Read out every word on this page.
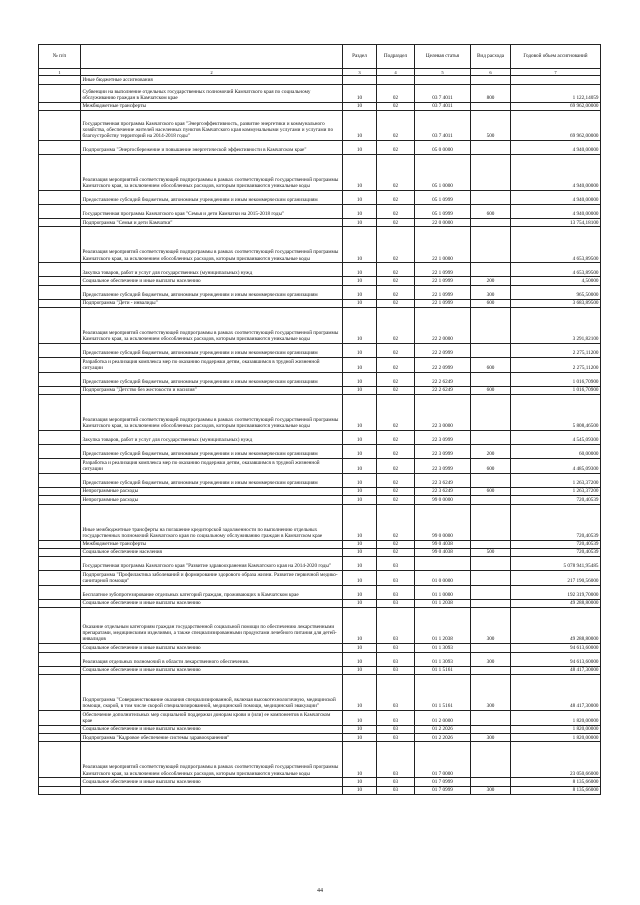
№ п/п		Раздел	Подраздел	Целевая статья	Вид расхода	Годовой объем ассигнований
1	2	3	4	5	6	7
	Иные бюджетные ассигнования					
	Субвенции на выполнение отдельных государственных полномочий Камчатского края по социальному обслуживанию граждан в Камчатском крае	10	02	03 7 4011	800	1 122,14059
	Межбюджетные трансферты	10	02	03 7 4011		69 962,00000
	Государственная программа Камчатского края "Энергоэффективность, развитие энергетики и коммунального хозяйства, обеспечение жителей населенных пунктов Камчатского края коммунальными услугами и услугами по благоустройству территорий на 2014-2018 годы"	10	02	03 7 4011	500	69 962,00000
	Подпрограмма "Энергосбережение и повышение энергетической эффективности в Камчатском крае"	10	02	05 0 0000		4 940,00000
	Реализация мероприятий соответствующей подпрограммы в рамках соответствующей государственной программы Камчатского края, за исключением обособленных расходов, которым присваиваются уникальные коды	10	02	05 1 0000		4 940,00000
	Предоставление субсидий бюджетным, автономным учреждениям и иным некоммерческим организациям	10	02	05 1 0999		4 940,00000
	Государственная программа Камчатского края "Семья и дети Камчатки на 2015-2018 годы"	10	02	05 1 0999	600	4 940,00000
	Подпрограмма "Семья и дети Камчатки"	10	02	22 0 0000		13 754,18100
	Реализация мероприятий соответствующей подпрограммы в рамках соответствующей государственной программы Камчатского края, за исключением обособленных расходов, которым присваиваются уникальные коды	10	02	22 1 0000		4 653,89500
	Закупка товаров, работ и услуг для государственных (муниципальных) нужд	10	02	22 1 0999		4 653,89500
	Социальное обеспечение и иные выплаты населению	10	02	22 1 0999	200	4,50000
	Предоставление субсидий бюджетным, автономным учреждениям и иным некоммерческим организациям	10	02	22 1 0999	300	965,50000
	Подпрограмма "Дети - инвалиды"	10	02	22 1 0999	600	3 683,89500
	Реализация мероприятий соответствующей подпрограммы в рамках соответствующей государственной программы Камчатского края, за исключением обособленных расходов, которым присваиваются уникальные коды	10	02	22 2 0000		3 291,82100
	Предоставление субсидий бюджетным, автономным учреждениям и иным некоммерческим организациям	10	02	22 2 0999		2 275,11200
	Разработка и реализация комплекса мер по оказанию поддержки детям, оказавшимся в трудной жизненной ситуации	10	02	22 2 0999	600	2 275,11200
	Предоставление субсидий бюджетным, автономным учреждениям и иным некоммерческим организациям	10	02	22 2 6249		1 016,70900
	Подпрограмма "Детство без жестокости и насилия"	10	02	22 2 6249	600	1 016,70900
	Реализация мероприятий соответствующей подпрограммы в рамках соответствующей государственной программы Камчатского края, за исключением обособленных расходов, которым присваиваются уникальные коды	10	02	22 3 0000		5 808,46500
	Закупка товаров, работ и услуг для государственных (муниципальных) нужд	10	02	22 3 0999		4 545,09300
	Предоставление субсидий бюджетным, автономным учреждениям и иным некоммерческим организациям	10	02	22 3 0999	200	60,00000
	Разработка и реализация комплекса мер по оказанию поддержки детям, оказавшимся в трудной жизненной ситуации	10	02	22 3 0999	600	4 485,09300
	Предоставление субсидий бюджетным, автономным учреждениям и иным некоммерческим организациям	10	02	22 3 6249		1 263,37200
	Непрограммные расходы	10	02	22 3 6249	600	1 263,37200
	Непрограммные расходы	10	02	99 0 0000		720,40539
	Иные межбюджетные трансферты на погашение кредиторской задолженности по выполнению отдельных государственных полномочий Камчатского края по социальному обслуживанию граждан в Камчатском крае	10	02	99 0 0000		720,40539
	Межбюджетные трансферты	10	02	99 0 4038		720,40539
	Социальное обеспечение населения	10	02	99 0 4038	500	720,40539
	Государственная программа Камчатского края "Развитие здравоохранения Камчатского края на 2014-2020 годы"	10	03			5 078 941,95485
	Подпрограмма "Профилактика заболеваний и формирование здорового образа жизни. Развитие первичной медико-санитарной помощи"	10	03	01 0 0000		217 190,56000
	Бесплатное зубопротезирование отдельных категорий граждан, проживающих в Камчатском крае	10	03	01 1 0000		192 319,70000
	Социальное обеспечение и иные выплаты населению	10	03	01 1 2038		49 288,80000
	Оказание отдельным категориям граждан государственной социальной помощи по обеспечению лекарственными препаратами, медицинскими изделиями, а также специализированными продуктами лечебного питания для детей-инвалидов	10	03	01 1 2038	300	49 288,80000
	Социальное обеспечение и иные выплаты населению	10	03	01 1 3093		94 613,60000
	Реализация отдельных полномочий в области лекарственного обеспечения.	10	03	01 1 3093	300	94 613,60000
	Социальное обеспечение и иные выплаты населению	10	03	01 1 5161		48 417,30000
	Подпрограмма "Совершенствование оказания специализированной, включая высокотехнологичную, медицинской помощи, скорой, в том числе скорой специализированной, медицинской помощи, медицинской эвакуации"	10	03	01 1 5161	300	48 417,30000
	Обеспечение дополнительных мер социальной поддержки донорам крови и (или) ее компонентов в Камчатском крае	10	03	01 2 0000		1 820,00000
	Социальное обеспечение и иные выплаты населению	10	03	01 2 2026		1 820,00000
	Подпрограмма "Кадровое обеспечение системы здравоохранения"	10	03	01 2 2026	300	1 820,00000
	Реализация мероприятий соответствующей подпрограммы в рамках соответствующей государственной программы Камчатского края, за исключением обособленных расходов, которым присваиваются уникальные коды	10	03	01 7 0000		23 050,66000
	Социальное обеспечение и иные выплаты населению	10	03	01 7 0999		8 135,66000
		10	03	01 7 0999	300	8 135,66000
44
